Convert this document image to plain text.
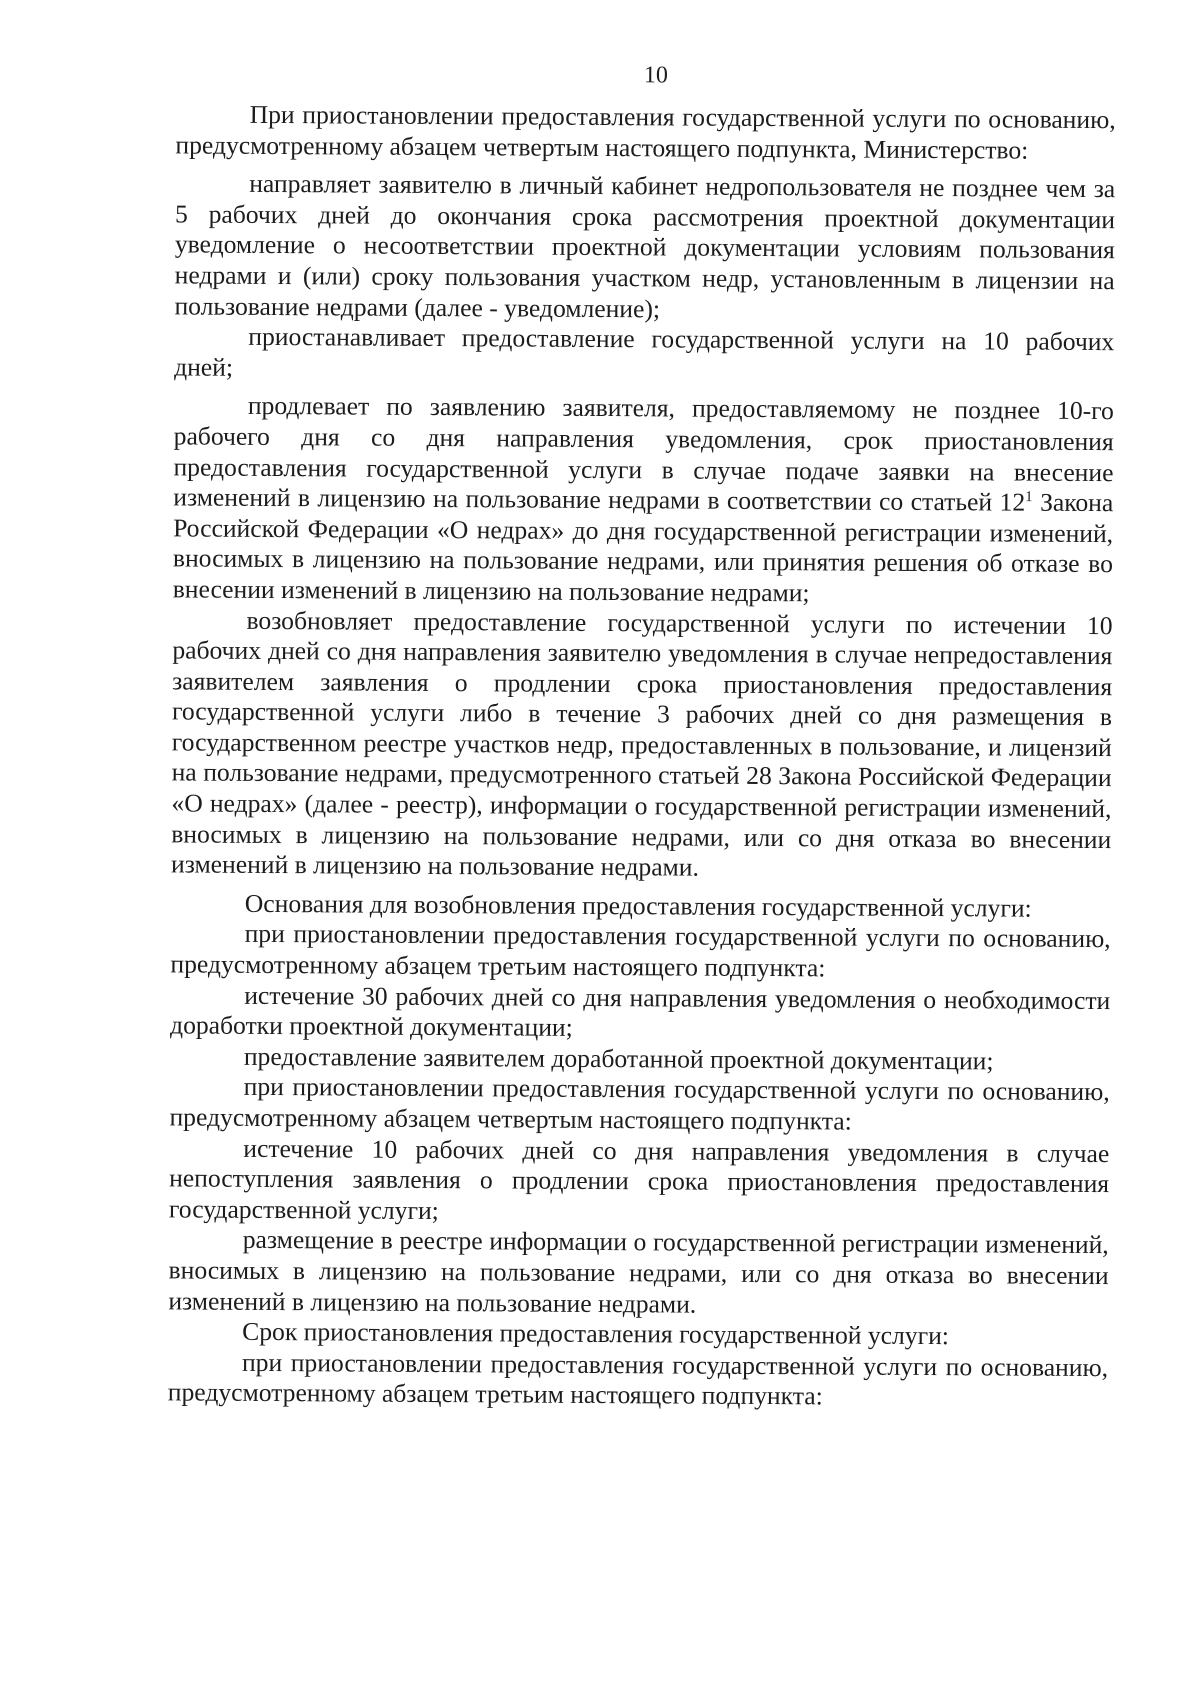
10

При приостановлении предоставления государственной услуги по основанию, предусмотренному абзацем четвертым настоящего подпункта, Министерство:

направляет заявителю в личный кабинет недропользователя не позднее чем за 5 рабочих дней до окончания срока рассмотрения проектной документации уведомление о несоответствии проектной документации условиям пользования недрами и (или) сроку пользования участком недр, установленным в лицензии на пользование недрами (далее - уведомление);

приостанавливает предоставление государственной услуги на 10 рабочих дней;

продлевает по заявлению заявителя, предоставляемому не позднее 10-го рабочего дня со дня направления уведомления, срок приостановления предоставления государственной услуги в случае подаче заявки на внесение изменений в лицензию на пользование недрами в соответствии со статьей $12^1$ Закона Российской Федерации «О недрах» до дня государственной регистрации изменений, вносимых в лицензию на пользование недрами, или принятия решения об отказе во внесении изменений в лицензию на пользование недрами;

возобновляет предоставление государственной услуги по истечении 10 рабочих дней со дня направления заявителю уведомления в случае непредоставления заявителем заявления о продлении срока приостановления предоставления государственной услуги либо в течение 3 рабочих дней со дня размещения в государственном реестре участков недр, предоставленных в пользование, и лицензий на пользование недрами, предусмотренного статьей 28 Закона Российской Федерации «О недрах» (далее - реестр), информации о государственной регистрации изменений, вносимых в лицензию на пользование недрами, или со дня отказа во внесении изменений в лицензию на пользование недрами.

Основания для возобновления предоставления государственной услуги:

при приостановлении предоставления государственной услуги по основанию, предусмотренному абзацем третьим настоящего подпункта:

истечение 30 рабочих дней со дня направления уведомления о необходимости доработки проектной документации;

предоставление заявителем доработанной проектной документации;

при приостановлении предоставления государственной услуги по основанию, предусмотренному абзацем четвертым настоящего подпункта:

истечение 10 рабочих дней со дня направления уведомления в случае непоступления заявления о продлении срока приостановления предоставления государственной услуги;

размещение в реестре информации о государственной регистрации изменений, вносимых в лицензию на пользование недрами, или со дня отказа во внесении изменений в лицензию на пользование недрами.

Срок приостановления предоставления государственной услуги:

при приостановлении предоставления государственной услуги по основанию, предусмотренному абзацем третьим настоящего подпункта:
